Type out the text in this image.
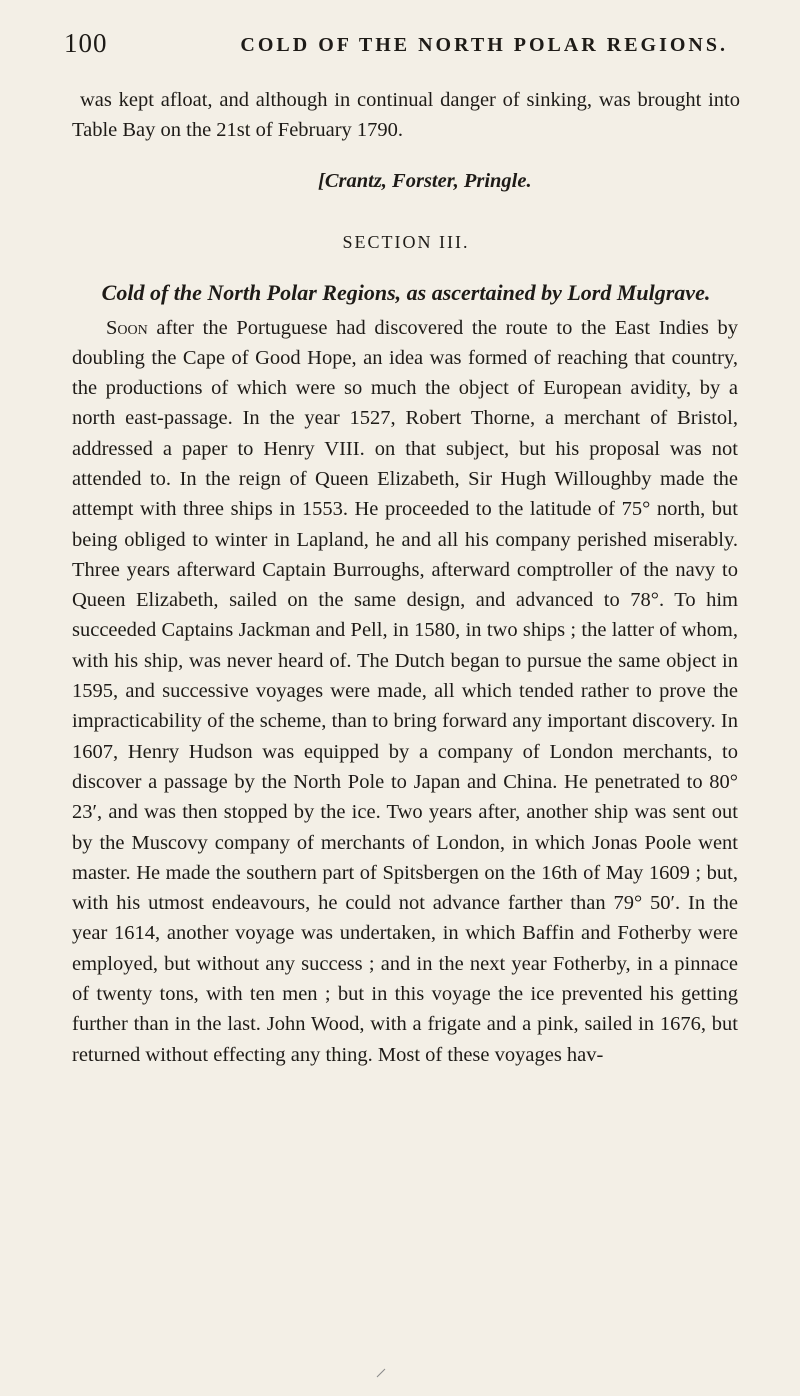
100	COLD OF THE NORTH POLAR REGIONS.

was kept afloat, and although in continual danger of sinking, was brought into Table Bay on the 21st of February 1790.

[Crantz, Forster, Pringle.
SECTION III.
Cold of the North Polar Regions, as ascertained by Lord Mulgrave.

Soon after the Portuguese had discovered the route to the East Indies by doubling the Cape of Good Hope, an idea was formed of reaching that country, the productions of which were so much the object of European avidity, by a north east-passage. In the year 1527, Robert Thorne, a merchant of Bristol, addressed a paper to Henry VIII. on that subject, but his proposal was not attended to. In the reign of Queen Elizabeth, Sir Hugh Willoughby made the attempt with three ships in 1553. He proceeded to the latitude of 75° north, but being obliged to winter in Lapland, he and all his company perished miserably. Three years afterward Captain Burroughs, afterward comptroller of the navy to Queen Elizabeth, sailed on the same design, and advanced to 78°. To him succeeded Captains Jackman and Pell, in 1580, in two ships ; the latter of whom, with his ship, was never heard of. The Dutch began to pursue the same object in 1595, and successive voyages were made, all which tended rather to prove the impracticability of the scheme, than to bring forward any important discovery. In 1607, Henry Hudson was equipped by a company of London merchants, to discover a passage by the North Pole to Japan and China. He penetrated to 80° 23′, and was then stopped by the ice. Two years after, another ship was sent out by the Muscovy company of merchants of London, in which Jonas Poole went master. He made the southern part of Spitsbergen on the 16th of May 1609 ; but, with his utmost endeavours, he could not advance farther than 79° 50′. In the year 1614, another voyage was undertaken, in which Baffin and Fotherby were employed, but without any success ; and in the next year Fotherby, in a pinnace of twenty tons, with ten men ; but in this voyage the ice prevented his getting further than in the last. John Wood, with a frigate and a pink, sailed in 1676, but returned without effecting any thing. Most of these voyages hav-
